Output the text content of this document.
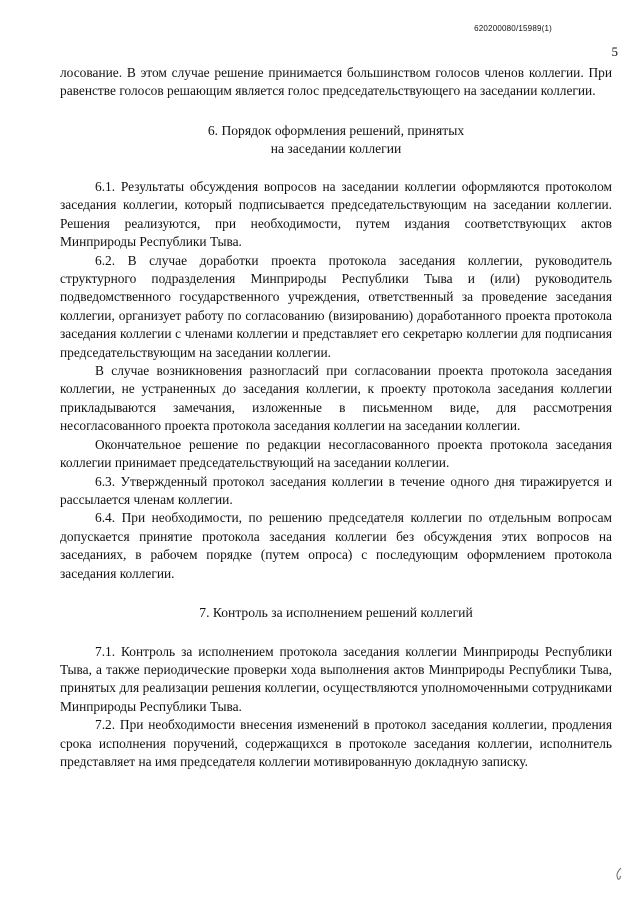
620200080/15989(1)
5

лосование. В этом случае решение принимается большинством голосов членов коллегии. При равенстве голосов решающим является голос председательствующего на заседании коллегии.

6. Порядок оформления решений, принятых
на заседании коллегии

6.1. Результаты обсуждения вопросов на заседании коллегии оформляются протоколом заседания коллегии, который подписывается председательствующим на заседании коллегии. Решения реализуются, при необходимости, путем издания соответствующих актов Минприроды Республики Тыва.

6.2. В случае доработки проекта протокола заседания коллегии, руководитель структурного подразделения Минприроды Республики Тыва и (или) руководитель подведомственного государственного учреждения, ответственный за проведение заседания коллегии, организует работу по согласованию (визированию) доработанного проекта протокола заседания коллегии с членами коллегии и представляет его секретарю коллегии для подписания председательствующим на заседании коллегии.

В случае возникновения разногласий при согласовании проекта протокола заседания коллегии, не устраненных до заседания коллегии, к проекту протокола заседания коллегии прикладываются замечания, изложенные в письменном виде, для рассмотрения несогласованного проекта протокола заседания коллегии на заседании коллегии.

Окончательное решение по редакции несогласованного проекта протокола заседания коллегии принимает председательствующий на заседании коллегии.

6.3. Утвержденный протокол заседания коллегии в течение одного дня тиражируется и рассылается членам коллегии.

6.4. При необходимости, по решению председателя коллегии по отдельным вопросам допускается принятие протокола заседания коллегии без обсуждения этих вопросов на заседаниях, в рабочем порядке (путем опроса) с последующим оформлением протокола заседания коллегии.

7. Контроль за исполнением решений коллегий

7.1. Контроль за исполнением протокола заседания коллегии Минприроды Республики Тыва, а также периодические проверки хода выполнения актов Минприроды Республики Тыва, принятых для реализации решения коллегии, осуществляются уполномоченными сотрудниками Минприроды Республики Тыва.

7.2. При необходимости внесения изменений в протокол заседания коллегии, продления срока исполнения поручений, содержащихся в протоколе заседания коллегии, исполнитель представляет на имя председателя коллегии мотивированную докладную записку.
